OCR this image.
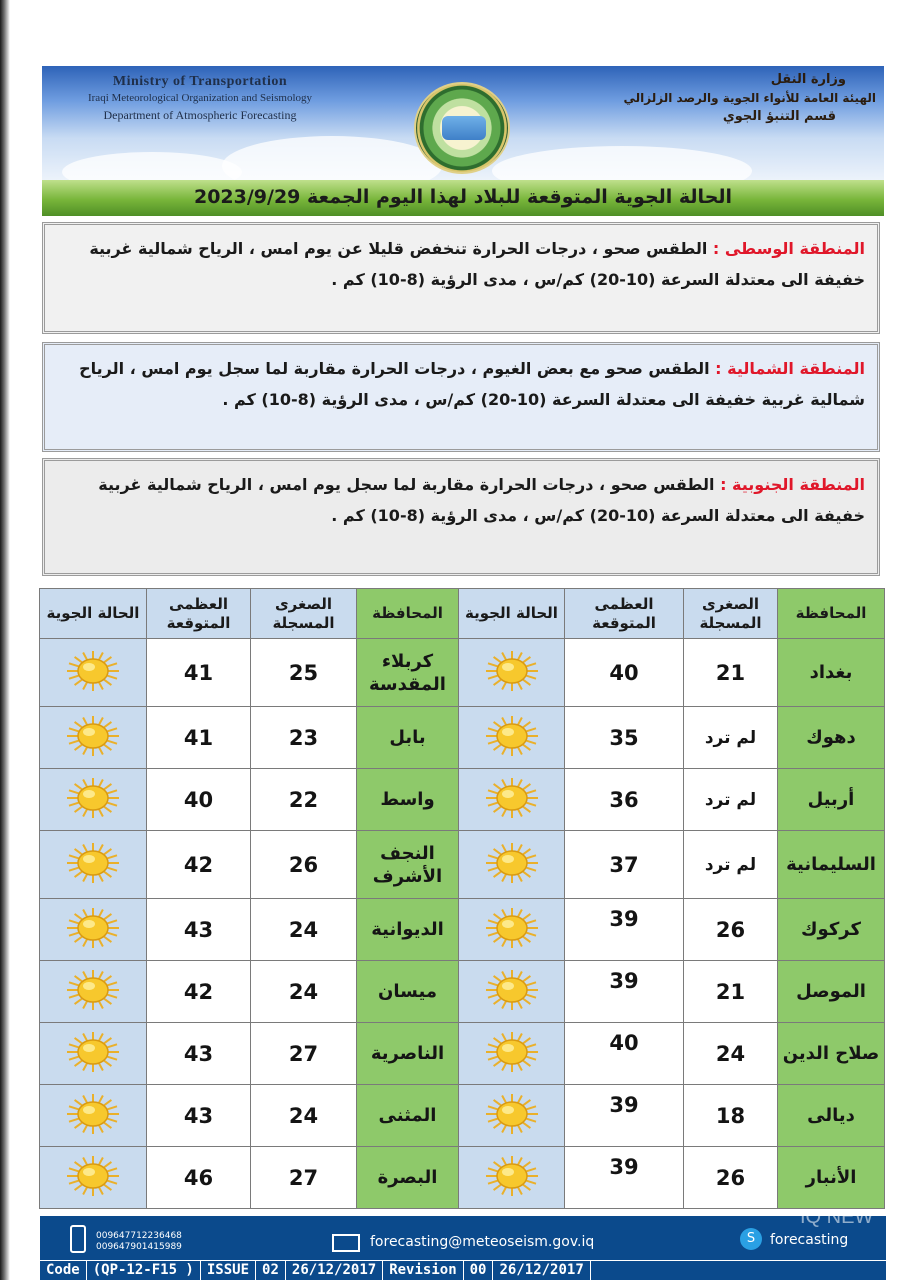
Ministry of Transportation
Iraqi Meteorological Organization and Seismology
Department of Atmospheric Forecasting
وزارة النقل
الهيئة العامة للأنواء الجوية والرصد الزلزالي
قسم التنبؤ الجوي
الحالة الجوية المتوقعة للبلاد لهذا اليوم الجمعة 2023/9/29
المنطقة الوسطى : الطقس صحو ، درجات الحرارة تنخفض قليلا عن يوم امس ، الرياح شمالية غربية خفيفة الى معتدلة السرعة (10-20) كم/س ، مدى الرؤية (8-10) كم .
المنطقة الشمالية : الطقس صحو مع بعض الغيوم ، درجات الحرارة مقاربة لما سجل يوم امس ، الرياح شمالية غربية خفيفة الى معتدلة السرعة (10-20) كم/س ، مدى الرؤية (8-10) كم .
المنطقة الجنوبية : الطقس صحو ، درجات الحرارة مقاربة لما سجل يوم امس ، الرياح شمالية غربية خفيفة الى معتدلة السرعة (10-20) كم/س ، مدى الرؤية (8-10) كم .
المحافظة	الصغرى المسجلة	العظمى المتوقعة	الحالة الجوية	المحافظة	الصغرى المسجلة	العظمى المتوقعة	الحالة الجوية
بغداد	21	40		كربلاء المقدسة	25	41	
دهوك	لم ترد	35		بابل	23	41	
أربيل	لم ترد	36		واسط	22	40	
السليمانية	لم ترد	37		النجف الأشرف	26	42	
كركوك	26	39		الديوانية	24	43	
الموصل	21	39		ميسان	24	42	
صلاح الدين	24	40		الناصرية	27	43	
ديالى	18	39		المثنى	24	43	
الأنبار	26	39		البصرة	27	46	
009647712236468
009647901415989	forecasting@meteoseism.gov.iq	S	forecasting
Code (QP-12-F15 ) ISSUE 02 26/12/2017 Revision 00 26/12/2017
IQ NEW
